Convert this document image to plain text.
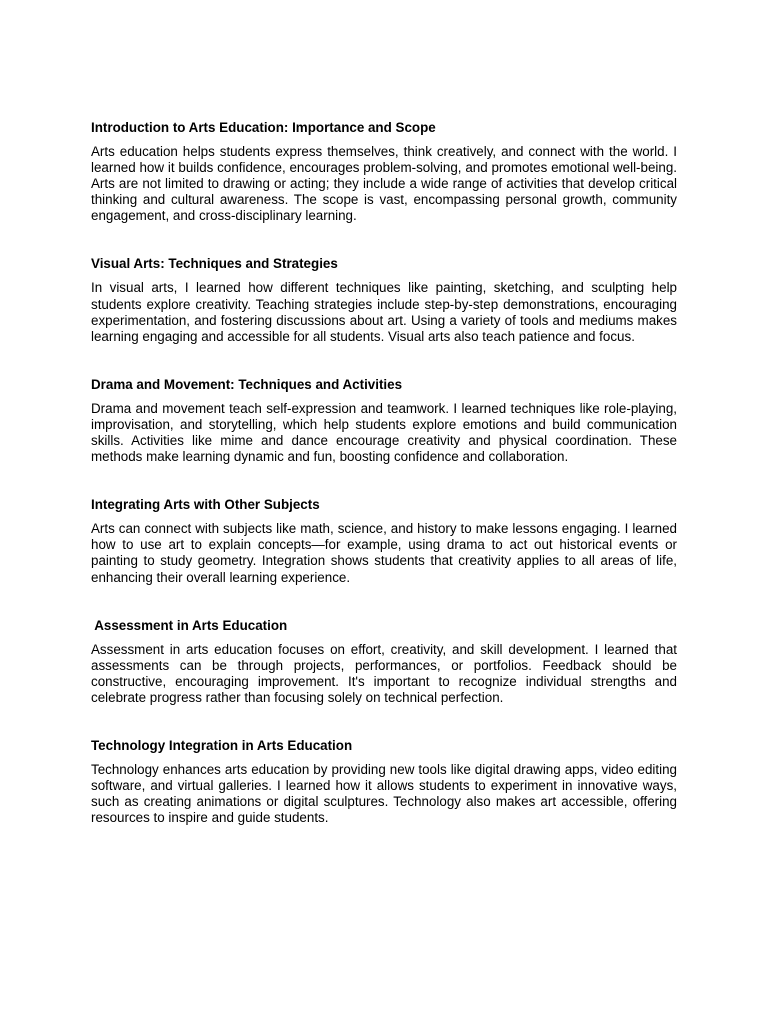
Introduction to Arts Education: Importance and Scope

Arts education helps students express themselves, think creatively, and connect with the world. I learned how it builds confidence, encourages problem-solving, and promotes emotional well-being. Arts are not limited to drawing or acting; they include a wide range of activities that develop critical thinking and cultural awareness. The scope is vast, encompassing personal growth, community engagement, and cross-disciplinary learning.

Visual Arts: Techniques and Strategies

In visual arts, I learned how different techniques like painting, sketching, and sculpting help students explore creativity. Teaching strategies include step-by-step demonstrations, encouraging experimentation, and fostering discussions about art. Using a variety of tools and mediums makes learning engaging and accessible for all students. Visual arts also teach patience and focus.

Drama and Movement: Techniques and Activities

Drama and movement teach self-expression and teamwork. I learned techniques like role-playing, improvisation, and storytelling, which help students explore emotions and build communication skills. Activities like mime and dance encourage creativity and physical coordination. These methods make learning dynamic and fun, boosting confidence and collaboration.

Integrating Arts with Other Subjects

Arts can connect with subjects like math, science, and history to make lessons engaging. I learned how to use art to explain concepts—for example, using drama to act out historical events or painting to study geometry. Integration shows students that creativity applies to all areas of life, enhancing their overall learning experience.

Assessment in Arts Education

Assessment in arts education focuses on effort, creativity, and skill development. I learned that assessments can be through projects, performances, or portfolios. Feedback should be constructive, encouraging improvement. It's important to recognize individual strengths and celebrate progress rather than focusing solely on technical perfection.

Technology Integration in Arts Education

Technology enhances arts education by providing new tools like digital drawing apps, video editing software, and virtual galleries. I learned how it allows students to experiment in innovative ways, such as creating animations or digital sculptures. Technology also makes art accessible, offering resources to inspire and guide students.
